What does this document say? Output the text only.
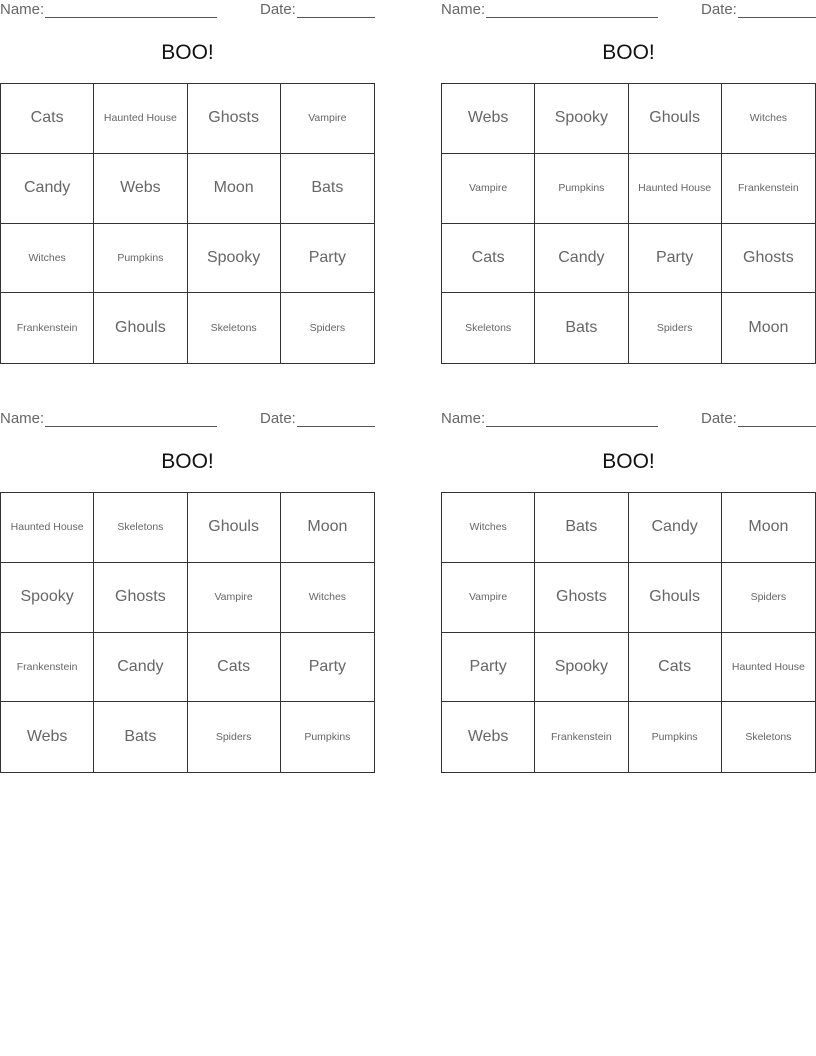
Name:	Date:
BOO!
Cats	Haunted House	Ghosts	Vampire
Candy	Webs	Moon	Bats
Witches	Pumpkins	Spooky	Party
Frankenstein	Ghouls	Skeletons	Spiders
Name:	Date:
BOO!
Webs	Spooky	Ghouls	Witches
Vampire	Pumpkins	Haunted House	Frankenstein
Cats	Candy	Party	Ghosts
Skeletons	Bats	Spiders	Moon
Name:	Date:
BOO!
Haunted House	Skeletons	Ghouls	Moon
Spooky	Ghosts	Vampire	Witches
Frankenstein	Candy	Cats	Party
Webs	Bats	Spiders	Pumpkins
Name:	Date:
BOO!
Witches	Bats	Candy	Moon
Vampire	Ghosts	Ghouls	Spiders
Party	Spooky	Cats	Haunted House
Webs	Frankenstein	Pumpkins	Skeletons
